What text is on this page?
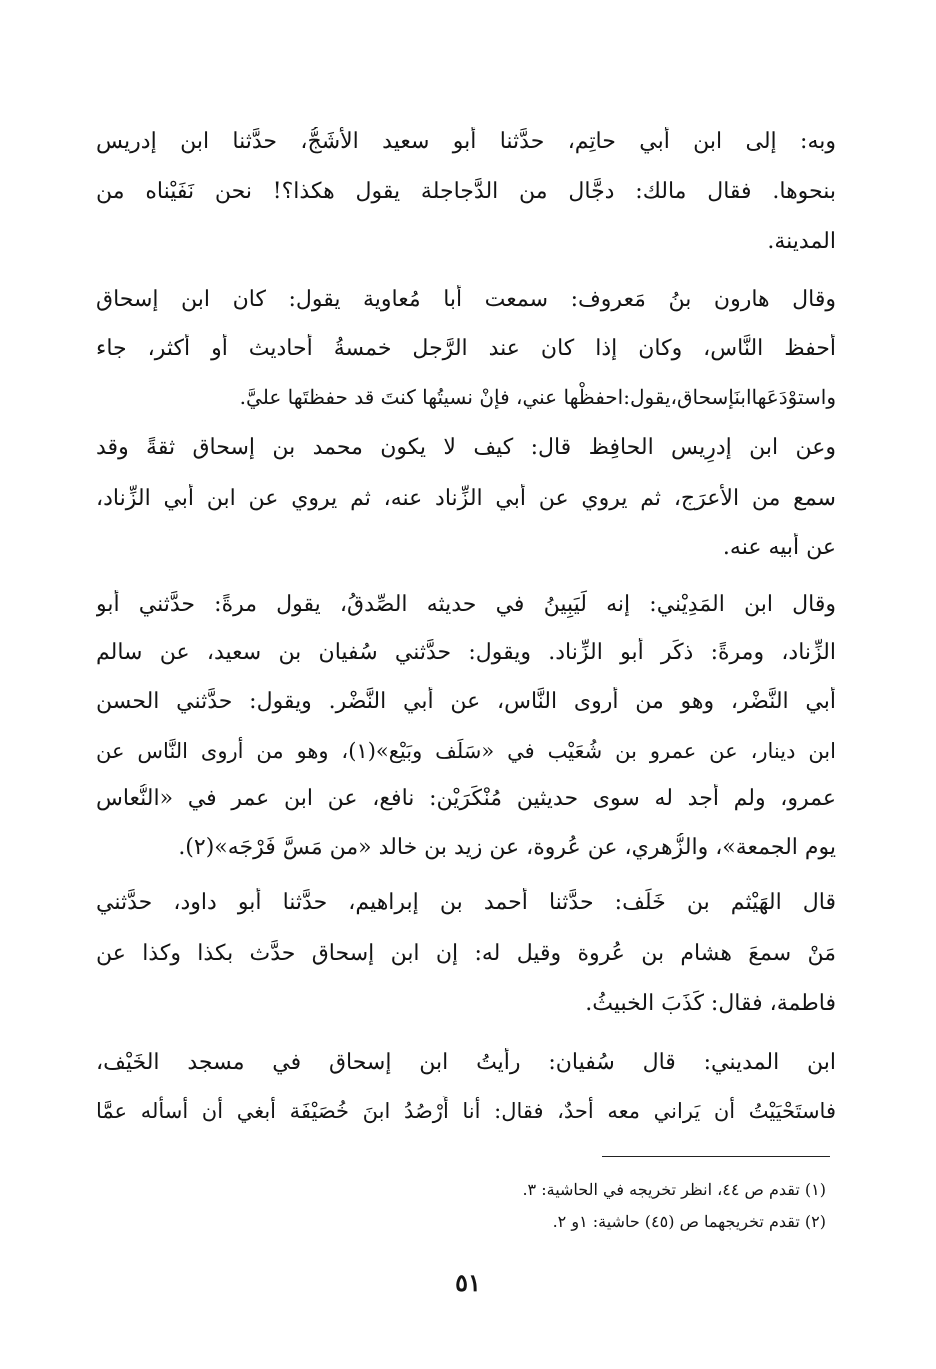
وبه: إلى ابن أبي حاتِم، حدَّثنا أبو سعيد الأشَجُّ، حدَّثنا ابن إدريس
بنحوها. فقال مالك: دجَّال من الدَّجاجلة يقول هكذا؟! نحن نَفَيْناه من
المدينة.
وقال هارون بنُ مَعروف: سمعت أبا مُعاوية يقول: كان ابن إسحاق
أحفظ النَّاس، وكان إذا كان عند الرَّجل خمسةُ أحاديث أو أكثر، جاء
واستوْدَعَهاابنَإسحاق،يقول:احفظْها عني، فإنْ نسيتُها كنتَ قد حفظتَها عليَّ.
وعن ابن إدرِيس الحافِظ قال: كيف لا يكون محمد بن إسحاق ثقةً وقد
سمع من الأعرَج، ثم يروي عن أبي الزِّناد عنه، ثم يروي عن ابن أبي الزِّناد،
عن أبيه عنه.
وقال ابن المَدِيْني: إنه لَيَبِينُ في حديثه الصِّدقُ، يقول مرةً: حدَّثني أبو
الزِّناد، ومرةً: ذكَر أبو الزِّناد. ويقول: حدَّثني سُفيان بن سعيد، عن سالم
أبي النَّضْر، وهو من أروى النَّاس، عن أبي النَّضْر. ويقول: حدَّثني الحسن
ابن دينار، عن عمرو بن شُعَيْب في «سَلَف وبَيْع»(١)، وهو من أروى النَّاس عن
عمرو، ولم أجد له سوى حديثين مُنْكَرَيْن: نافع، عن ابن عمر في «النُّعاس
يوم الجمعة»، والزُّهري، عن عُروة، عن زيد بن خالد «من مَسَّ فَرْجَه»(٢).
قال الهَيْثم بن خَلَف: حدَّثنا أحمد بن إبراهيم، حدَّثنا أبو داود، حدَّثني
مَنْ سمعَ هشام بن عُروة وقيل له: إن ابن إسحاق حدَّث بكذا وكذا عن
فاطمة، فقال: كَذَبَ الخبيثُ.
ابن المديني: قال سُفيان: رأيتُ ابن إسحاق في مسجد الخَيْف،
فاستَحْيَيْتُ أن يَراني معه أحدٌ، فقال: أنا أَرْصُدُ ابنَ خُصَيْفَة أبغي أن أسأله عمَّا
(١) تقدم ص ٤٤، انظر تخريجه في الحاشية: ٣.
(٢) تقدم تخريجهما ص (٤٥) حاشية: ١و ٢.
٥١
